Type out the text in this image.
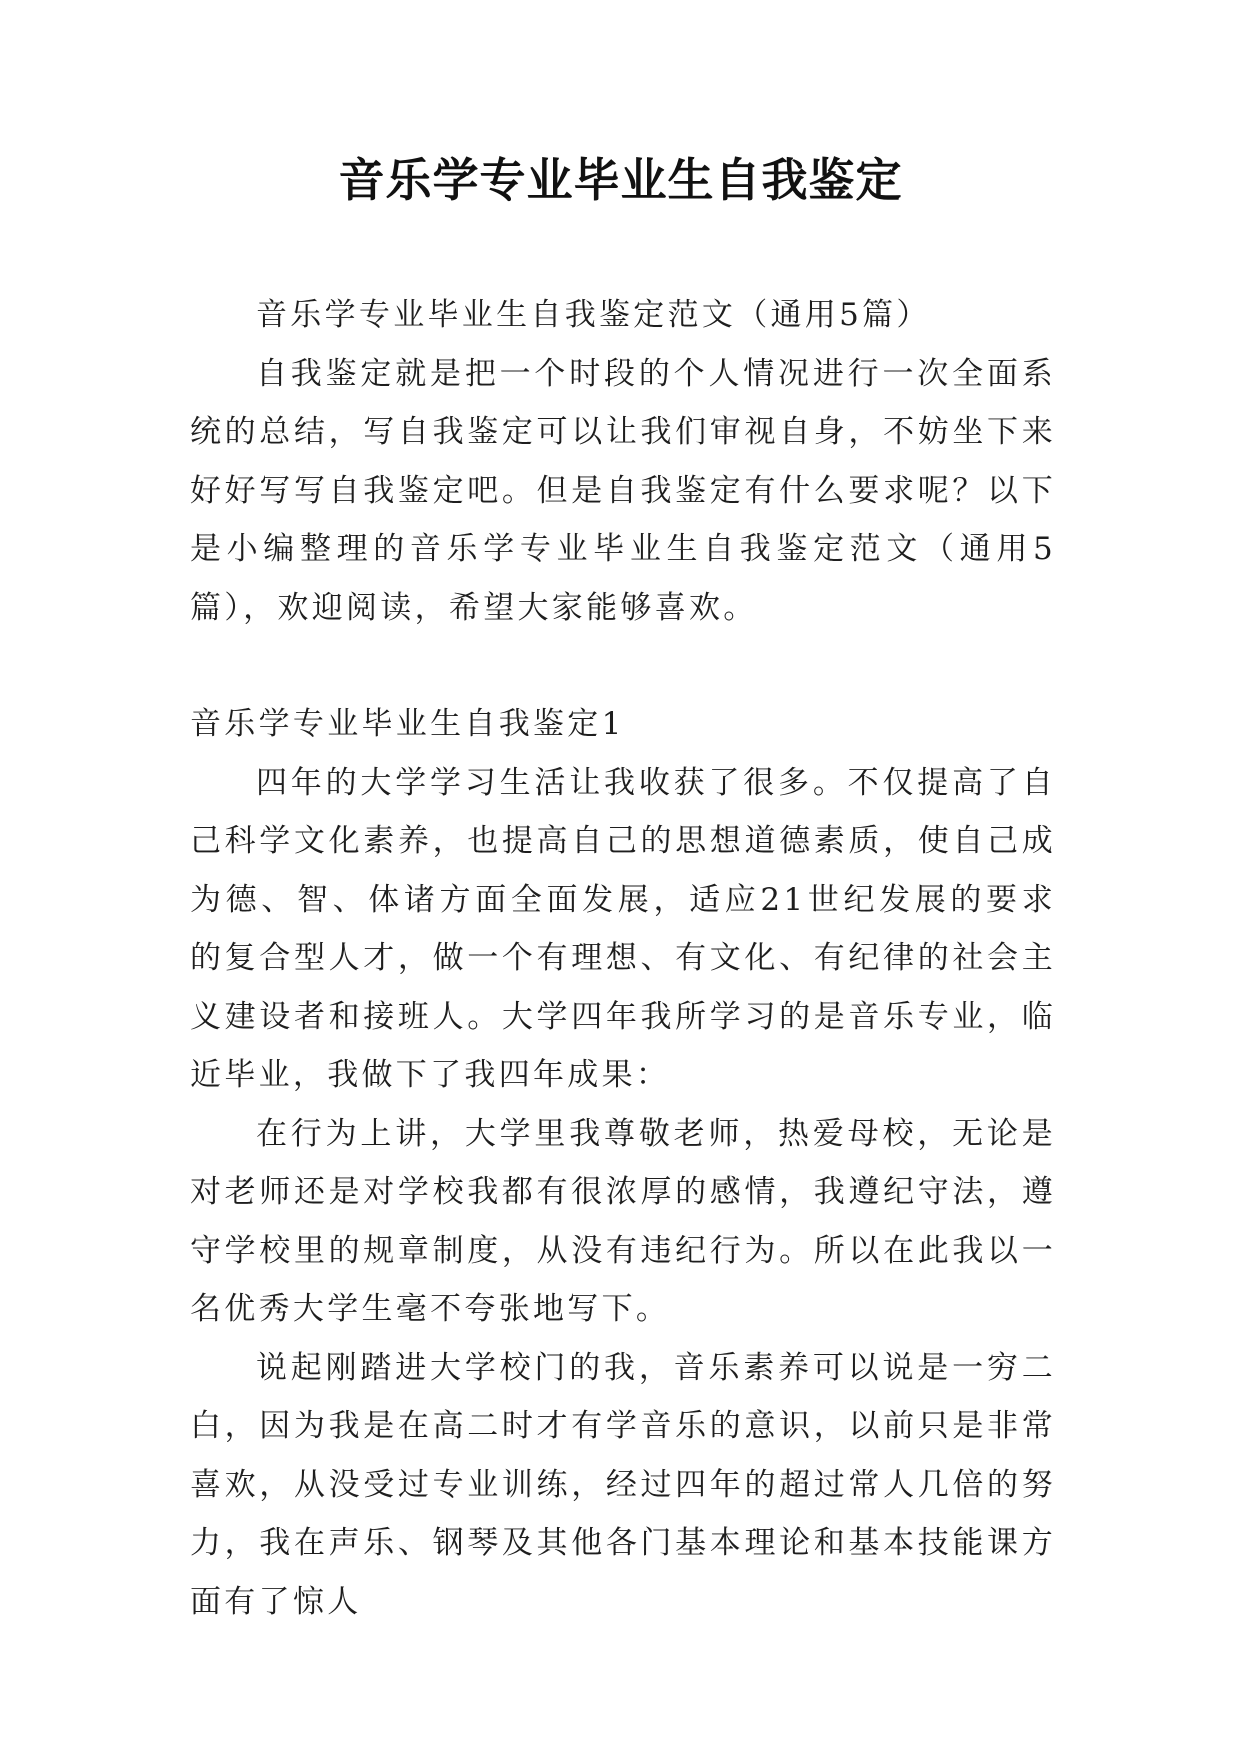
音乐学专业毕业生自我鉴定

音乐学专业毕业生自我鉴定范文（通用5篇）

自我鉴定就是把一个时段的个人情况进行一次全面系统的总结，写自我鉴定可以让我们审视自身，不妨坐下来好好写写自我鉴定吧。但是自我鉴定有什么要求呢？以下是小编整理的音乐学专业毕业生自我鉴定范文（通用5篇），欢迎阅读，希望大家能够喜欢。

音乐学专业毕业生自我鉴定1

四年的大学学习生活让我收获了很多。不仅提高了自己科学文化素养，也提高自己的思想道德素质，使自己成为德、智、体诸方面全面发展，适应21世纪发展的要求的复合型人才，做一个有理想、有文化、有纪律的社会主义建设者和接班人。大学四年我所学习的是音乐专业，临近毕业，我做下了我四年成果：

在行为上讲，大学里我尊敬老师，热爱母校，无论是对老师还是对学校我都有很浓厚的感情，我遵纪守法，遵守学校里的规章制度，从没有违纪行为。所以在此我以一名优秀大学生毫不夸张地写下。

说起刚踏进大学校门的我，音乐素养可以说是一穷二白，因为我是在高二时才有学音乐的意识，以前只是非常喜欢，从没受过专业训练，经过四年的超过常人几倍的努力，我在声乐、钢琴及其他各门基本理论和基本技能课方面有了惊人
